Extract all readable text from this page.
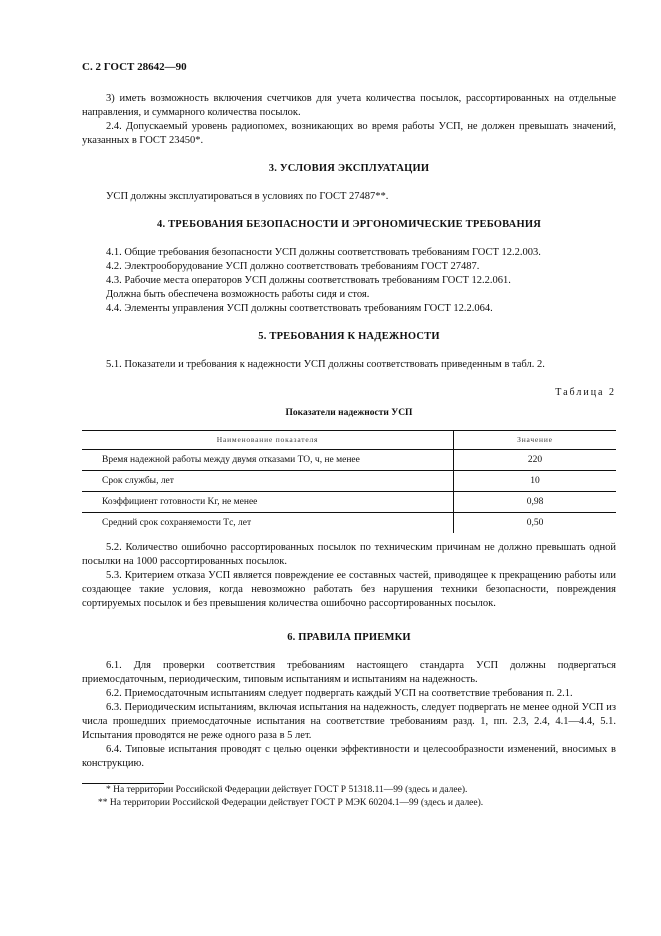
С. 2 ГОСТ 28642—90

3) иметь возможность включения счетчиков для учета количества посылок, рассортированных на отдельные направления, и суммарного количества посылок.

2.4. Допускаемый уровень радиопомех, возникающих во время работы УСП, не должен превышать значений, указанных в ГОСТ 23450*.

3. УСЛОВИЯ ЭКСПЛУАТАЦИИ

УСП должны эксплуатироваться в условиях по ГОСТ 27487**.

4. ТРЕБОВАНИЯ БЕЗОПАСНОСТИ И ЭРГОНОМИЧЕСКИЕ ТРЕБОВАНИЯ

4.1. Общие требования безопасности УСП должны соответствовать требованиям ГОСТ 12.2.003.

4.2. Электрооборудование УСП должно соответствовать требованиям ГОСТ 27487.

4.3. Рабочие места операторов УСП должны соответствовать требованиям ГОСТ 12.2.061.

Должна быть обеспечена возможность работы сидя и стоя.

4.4. Элементы управления УСП должны соответствовать требованиям ГОСТ 12.2.064.

5. ТРЕБОВАНИЯ К НАДЕЖНОСТИ

5.1. Показатели и требования к надежности УСП должны соответствовать приведенным в табл. 2.

Таблица 2
Показатели надежности УСП
Наименование показателя	Значение
Время надежной работы между двумя отказами ТО, ч, не менее	220
Срок службы, лет	10
Коэффициент готовности Kг, не менее	0,98
Средний срок сохраняемости Tс, лет	0,50

5.2. Количество ошибочно рассортированных посылок по техническим причинам не должно превышать одной посылки на 1000 рассортированных посылок.

5.3. Критерием отказа УСП является повреждение ее составных частей, приводящее к прекращению работы или создающее такие условия, когда невозможно работать без нарушения техники безопасности, повреждения сортируемых посылок и без превышения количества ошибочно рассортированных посылок.

6. ПРАВИЛА ПРИЕМКИ

6.1. Для проверки соответствия требованиям настоящего стандарта УСП должны подвергаться приемосдаточным, периодическим, типовым испытаниям и испытаниям на надежность.

6.2. Приемосдаточным испытаниям следует подвергать каждый УСП на соответствие требования п. 2.1.

6.3. Периодическим испытаниям, включая испытания на надежность, следует подвергать не менее одной УСП из числа прошедших приемосдаточные испытания на соответствие требованиям разд. 1, пп. 2.3, 2.4, 4.1—4.4, 5.1. Испытания проводятся не реже одного раза в 5 лет.

6.4. Типовые испытания проводят с целью оценки эффективности и целесообразности изменений, вносимых в конструкцию.

* На территории Российской Федерации действует ГОСТ Р 51318.11—99 (здесь и далее).
** На территории Российской Федерации действует ГОСТ Р МЭК 60204.1—99 (здесь и далее).
